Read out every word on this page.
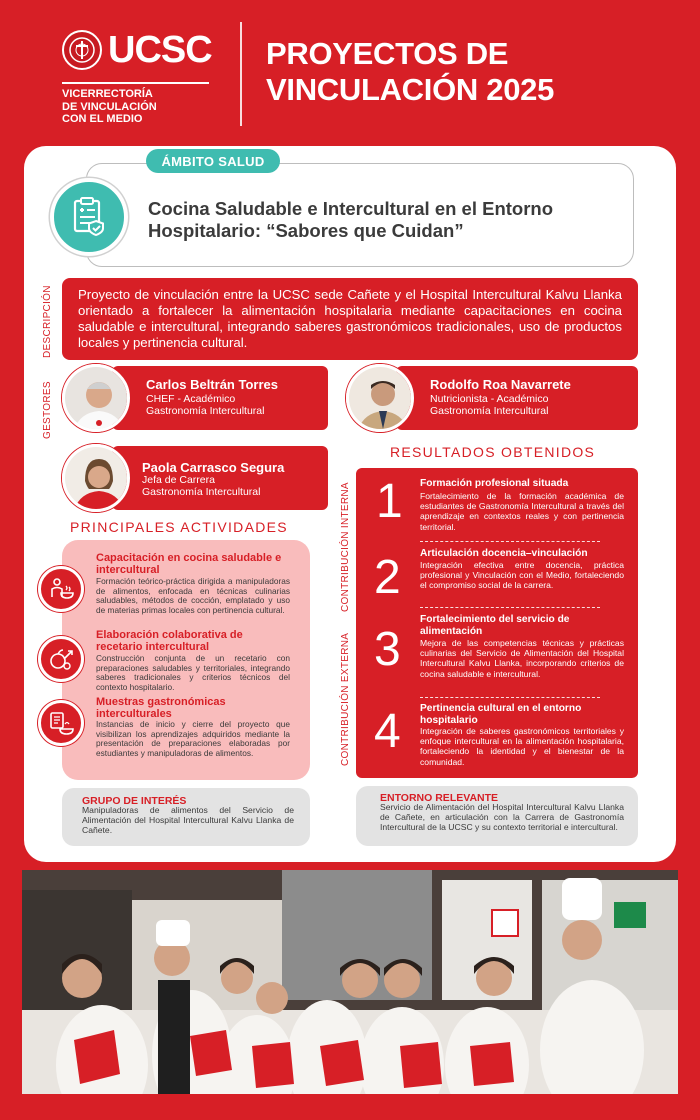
UCSC
VICERRECTORÍA
DE VINCULACIÓN
CON EL MEDIO
PROYECTOS DE
VINCULACIÓN 2025
ÁMBITO SALUD
Cocina Saludable e Intercultural en el Entorno
Hospitalario: “Sabores que Cuidan”
DESCRIPCIÓN	Proyecto de vinculación entre la UCSC sede Cañete y el Hospital Intercultural Kalvu Llanka orientado a fortalecer la alimentación hospitalaria mediante capacitaciones en cocina saludable e intercultural, integrando saberes gastronómicos tradicionales, uso de productos locales y pertinencia cultural.
GESTORES	Carlos Beltrán Torres
CHEF - Académico
Gastronomía Intercultural
Rodolfo Roa Navarrete
Nutricionista - Académico
Gastronomía Intercultural
Paola Carrasco Segura
Jefa de Carrera
Gastronomía Intercultural
PRINCIPALES ACTIVIDADES
Capacitación en cocina saludable e intercultural
Formación teórico-práctica dirigida a manipuladoras de alimentos, enfocada en técnicas culinarias saludables, métodos de cocción, emplatado y uso de materias primas locales con pertinencia cultural.
Elaboración colaborativa de recetario intercultural
Construcción conjunta de un recetario con preparaciones saludables y territoriales, integrando saberes tradicionales y criterios técnicos del contexto hospitalario.
Muestras gastronómicas interculturales
Instancias de inicio y cierre del proyecto que visibilizan los aprendizajes adquiridos mediante la presentación de preparaciones elaboradas por estudiantes y manipuladoras de alimentos.
RESULTADOS OBTENIDOS
CONTRIBUCIÓN INTERNA
CONTRIBUCIÓN EXTERNA
1 Formación profesional situada
Fortalecimiento de la formación académica de estudiantes de Gastronomía Intercultural a través del aprendizaje en contextos reales y con pertinencia territorial.
2 Articulación docencia–vinculación
Integración efectiva entre docencia, práctica profesional y Vinculación con el Medio, fortaleciendo el compromiso social de la carrera.
3
Fortalecimiento del servicio de alimentación
Mejora de las competencias técnicas y prácticas culinarias del Servicio de Alimentación del Hospital Intercultural Kalvu Llanka, incorporando criterios de cocina saludable e intercultural.
4 Pertinencia cultural en el entorno hospitalario
Integración de saberes gastronómicos territoriales y enfoque intercultural en la alimentación hospitalaria, fortaleciendo la identidad y el bienestar de la comunidad.
GRUPO DE INTERÉS
Manipuladoras de alimentos del Servicio de Alimentación del Hospital Intercultural Kalvu Llanka de Cañete.
ENTORNO RELEVANTE
Servicio de Alimentación del Hospital Intercultural Kalvu Llanka de Cañete, en articulación con la Carrera de Gastronomía Intercultural de la UCSC y su contexto territorial e intercultural.
